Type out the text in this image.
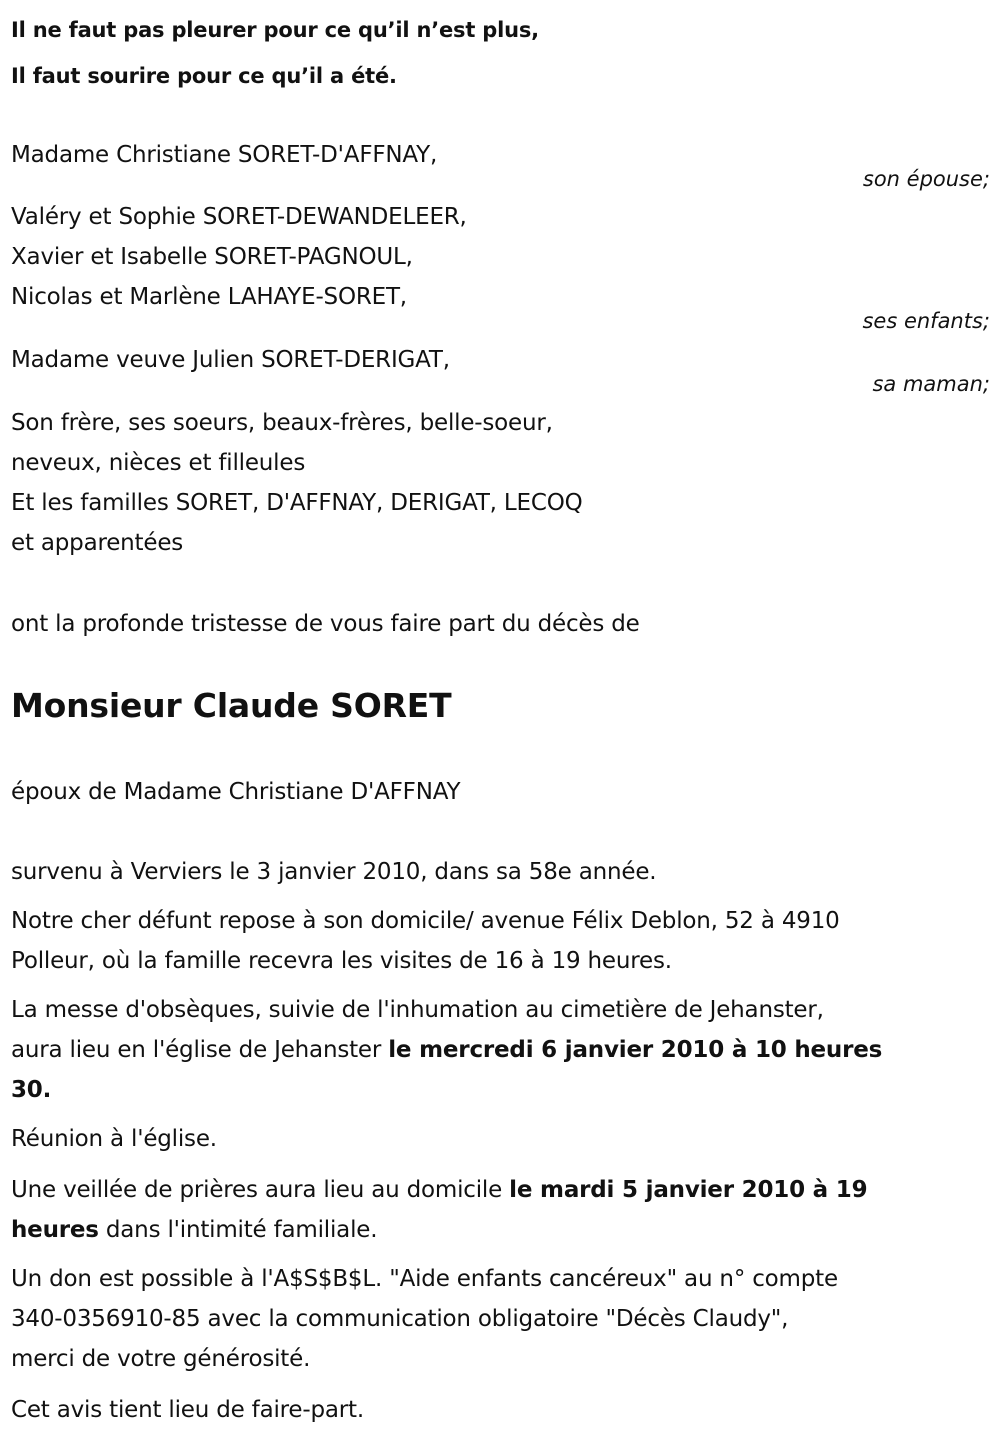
Il ne faut pas pleurer pour ce qu’il n’est plus,
Il faut sourire pour ce qu’il a été.
Madame Christiane SORET-D'AFFNAY,
son épouse;
Valéry et Sophie SORET-DEWANDELEER,
Xavier et Isabelle SORET-PAGNOUL,
Nicolas et Marlène LAHAYE-SORET,
ses enfants;
Madame veuve Julien SORET-DERIGAT,
sa maman;
Son frère, ses soeurs, beaux-frères, belle-soeur,
neveux, nièces et filleules
Et les familles SORET, D'AFFNAY, DERIGAT, LECOQ
et apparentées
ont la profonde tristesse de vous faire part du décès de
Monsieur Claude SORET
époux de Madame Christiane D'AFFNAY
survenu à Verviers le 3 janvier 2010, dans sa 58e année.
Notre cher défunt repose à son domicile/ avenue Félix Deblon, 52 à 4910
Polleur, où la famille recevra les visites de 16 à 19 heures.
La messe d'obsèques, suivie de l'inhumation au cimetière de Jehanster,
aura lieu en l'église de Jehanster le mercredi 6 janvier 2010 à 10 heures
30.
Réunion à l'église.
Une veillée de prières aura lieu au domicile le mardi 5 janvier 2010 à 19
heures dans l'intimité familiale.
Un don est possible à l'A$S$B$L. "Aide enfants cancéreux" au n° compte
340-0356910-85 avec la communication obligatoire "Décès Claudy",
merci de votre générosité.
Cet avis tient lieu de faire-part.
